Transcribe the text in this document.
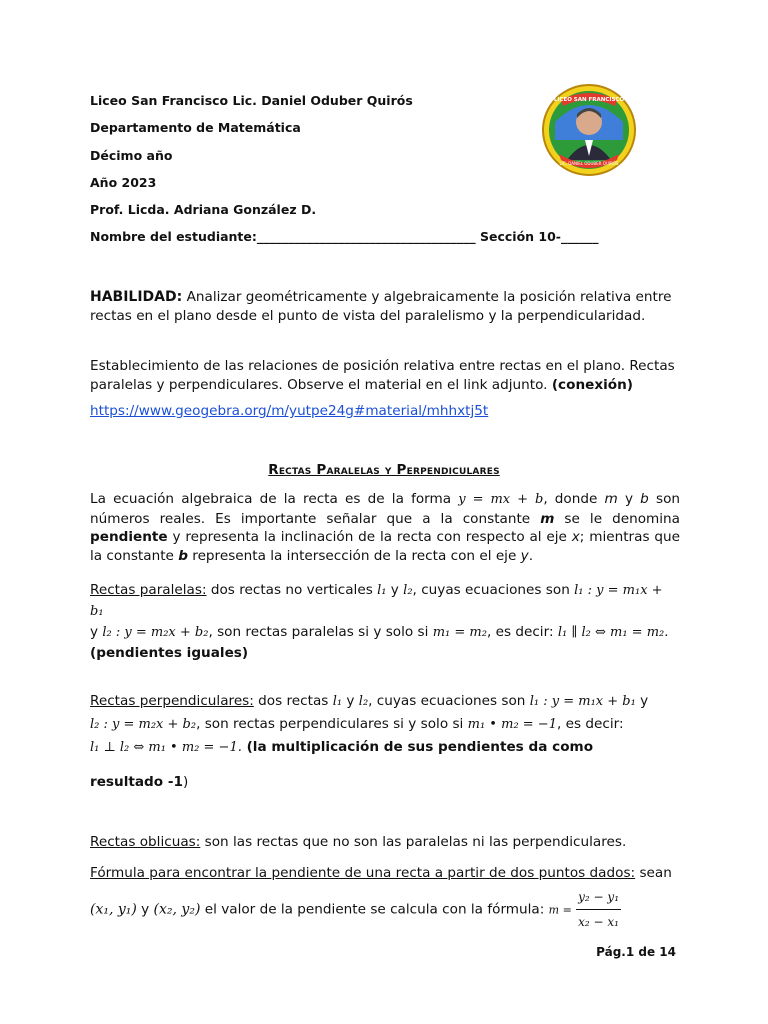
Liceo San Francisco Lic. Daniel Oduber Quirós
Departamento de Matemática
Décimo año
Año 2023
Prof. Licda. Adriana González D.
Nombre del estudiante:___________________________________ Sección 10-______
LICEO SAN FRANCISCO
LIC. DANIEL ODUBER QUIRÓS
HABILIDAD: Analizar geométricamente y algebraicamente la posición relativa entre rectas en el plano desde el punto de vista del paralelismo y la perpendicularidad.
Establecimiento de las relaciones de posición relativa entre rectas en el plano. Rectas paralelas y perpendiculares. Observe el material en el link adjunto. (conexión)
https://www.geogebra.org/m/yutpe24g#material/mhhxtj5t
Rectas Paralelas y Perpendiculares
La ecuación algebraica de la recta es de la forma y = mx + b, donde m y b son números reales. Es importante señalar que a la constante m se le denomina pendiente y representa la inclinación de la recta con respecto al eje x; mientras que la constante b representa la intersección de la recta con el eje y.
Rectas paralelas: dos rectas no verticales l₁ y l₂, cuyas ecuaciones son l₁ : y = m₁x + b₁
y l₂ : y = m₂x + b₂, son rectas paralelas si y solo si m₁ = m₂, es decir: l₁ ∥ l₂ ⇔ m₁ = m₂.
(pendientes iguales)
Rectas perpendiculares: dos rectas l₁ y l₂, cuyas ecuaciones son l₁ : y = m₁x + b₁ y
l₂ : y = m₂x + b₂, son rectas perpendiculares si y solo si m₁ • m₂ = −1, es decir:
l₁ ⊥ l₂ ⇔ m₁ • m₂ = −1. (la multiplicación de sus pendientes da como
resultado -1)
Rectas oblicuas: son las rectas que no son las paralelas ni las perpendiculares.
Fórmula para encontrar la pendiente de una recta a partir de dos puntos dados: sean
(x₁, y₁) y (x₂, y₂) el valor de la pendiente se calcula con la fórmula: $m = \frac{\text{y₂ − y₁}}{\text{x₂ − x₁}}$
Pág.1 de 14
